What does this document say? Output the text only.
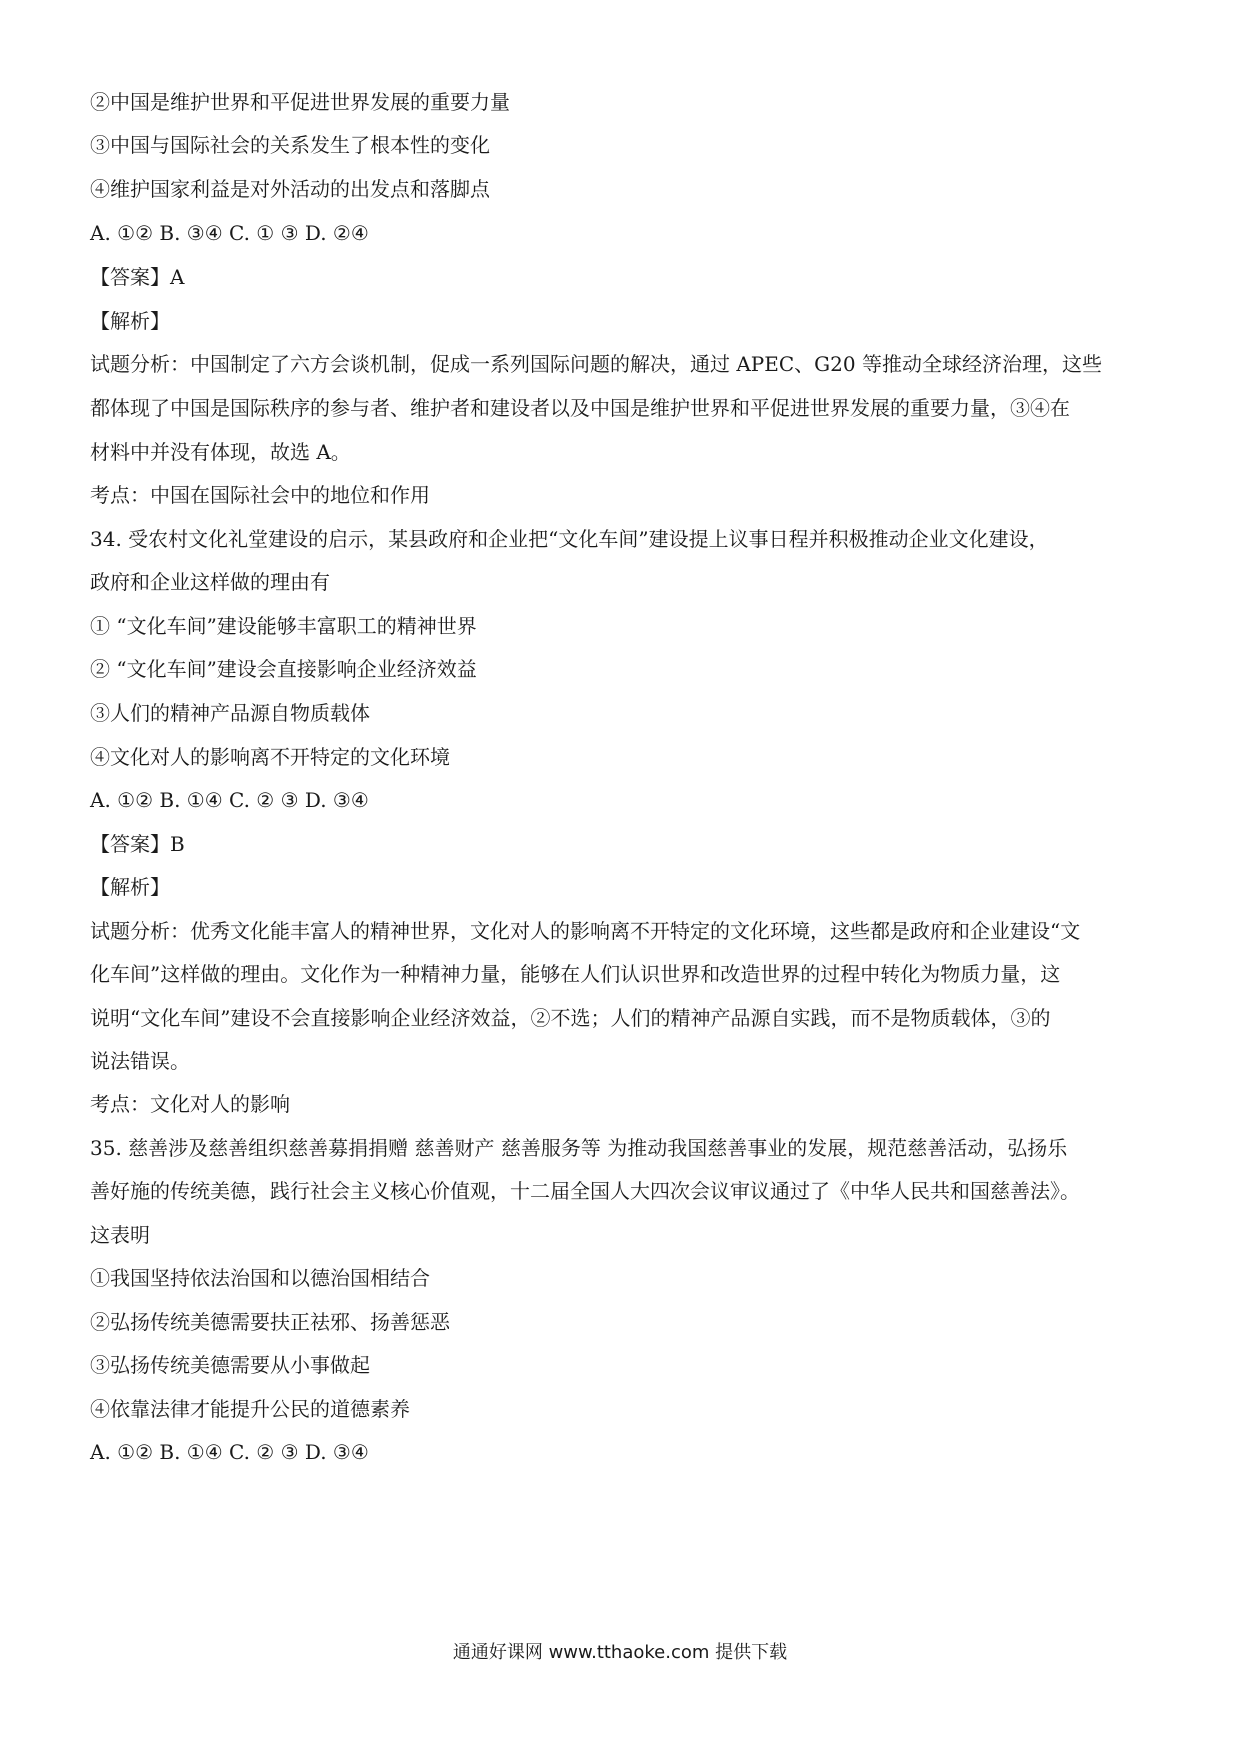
②中国是维护世界和平促进世界发展的重要力量
③中国与国际社会的关系发生了根本性的变化
④维护国家利益是对外活动的出发点和落脚点
A. ①② B. ③④ C. ① ③ D. ②④
【答案】A
【解析】
试题分析：中国制定了六方会谈机制，促成一系列国际问题的解决，通过 APEC、G20 等推动全球经济治理，这些
都体现了中国是国际秩序的参与者、维护者和建设者以及中国是维护世界和平促进世界发展的重要力量，③④在
材料中并没有体现，故选 A。
考点：中国在国际社会中的地位和作用
34. 受农村文化礼堂建设的启示，某县政府和企业把“文化车间”建设提上议事日程并积极推动企业文化建设，
政府和企业这样做的理由有
① “文化车间”建设能够丰富职工的精神世界
② “文化车间”建设会直接影响企业经济效益
③人们的精神产品源自物质载体
④文化对人的影响离不开特定的文化环境
A. ①② B. ①④ C. ② ③ D. ③④
【答案】B
【解析】
试题分析：优秀文化能丰富人的精神世界，文化对人的影响离不开特定的文化环境，这些都是政府和企业建设“文
化车间”这样做的理由。文化作为一种精神力量，能够在人们认识世界和改造世界的过程中转化为物质力量，这
说明“文化车间”建设不会直接影响企业经济效益，②不选；人们的精神产品源自实践，而不是物质载体，③的
说法错误。
考点：文化对人的影响
35. 慈善涉及慈善组织慈善募捐捐赠 慈善财产 慈善服务等 为推动我国慈善事业的发展，规范慈善活动，弘扬乐
善好施的传统美德，践行社会主义核心价值观，十二届全国人大四次会议审议通过了《中华人民共和国慈善法》。
这表明
①我国坚持依法治国和以德治国相结合
②弘扬传统美德需要扶正祛邪、扬善惩恶
③弘扬传统美德需要从小事做起
④依靠法律才能提升公民的道德素养
A. ①② B. ①④ C. ② ③ D. ③④
通通好课网 www.tthaoke.com 提供下载
